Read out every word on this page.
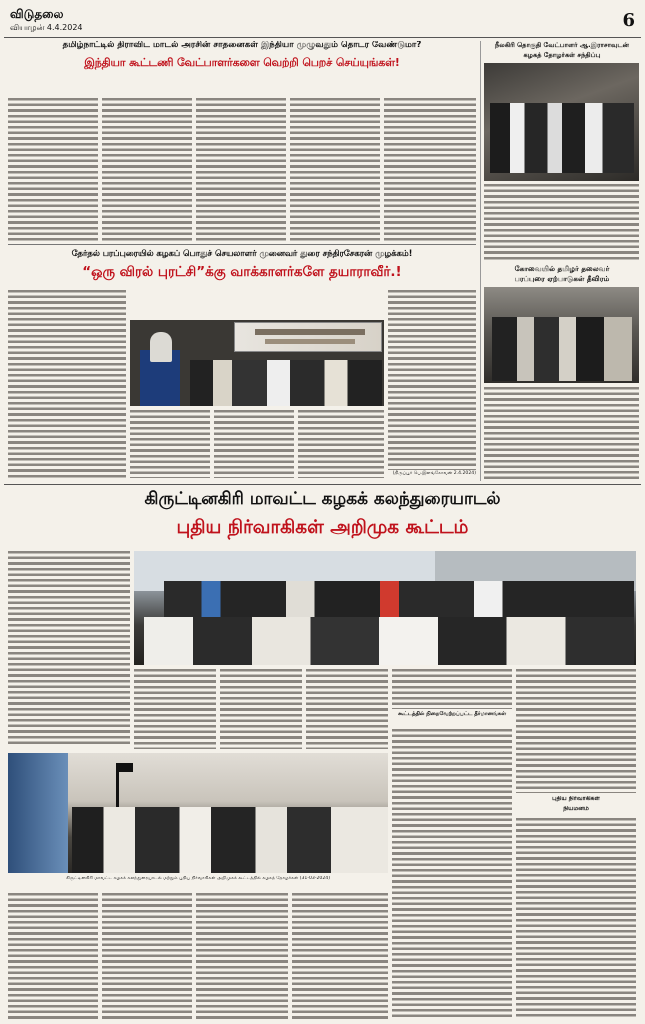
விடுதலை
வியாழன் 4.4.2024	6
தமிழ்நாட்டில் திராவிட மாடல் அரசின் சாதனைகள் இந்தியா முழுவதும் தொடர வேண்டுமா?
இந்தியா கூட்டணி வேட்பாளர்களை வெற்றி பெறச் செய்யுங்கள்!
தேர்தல் பரப்புரையில் கழகப் பொதுச் செயலாளர் முனைவர் துரை சந்திரசேகரன் முழக்கம்!
“ஒரு விரல் புரட்சி”க்கு வாக்காளர்களே தயாராவீர்.!
(திருப்பூர் பெ.இளங்கோவன் 2.4.2024)
நீலகிரி தொகுதி வேட்பாளர் ஆ.இராசாவுடன்
கழகத் தோழர்கள் சந்திப்பு
கோவையில் தமிழர் தலைவர்
பரப்புரை ஏற்பாடுகள் தீவிரம்
கிருட்டினகிரி மாவட்ட கழகக் கலந்துரையாடல்
புதிய நிர்வாகிகள் அறிமுக கூட்டம்
கூட்டத்தில் நிறைவேற்றப்பட்ட தீர்மானங்கள்
புதிய நிர்வாகிகள்
நியமனம்
கிருட்டினகிரி மாவட்ட கழகக் கலந்துரையாடல் மற்றும் புதிய நிர்வாகிகள் அறிமுகக் கூட்டத்தில் கழகத் தோழர்கள் (31-03-2024)
